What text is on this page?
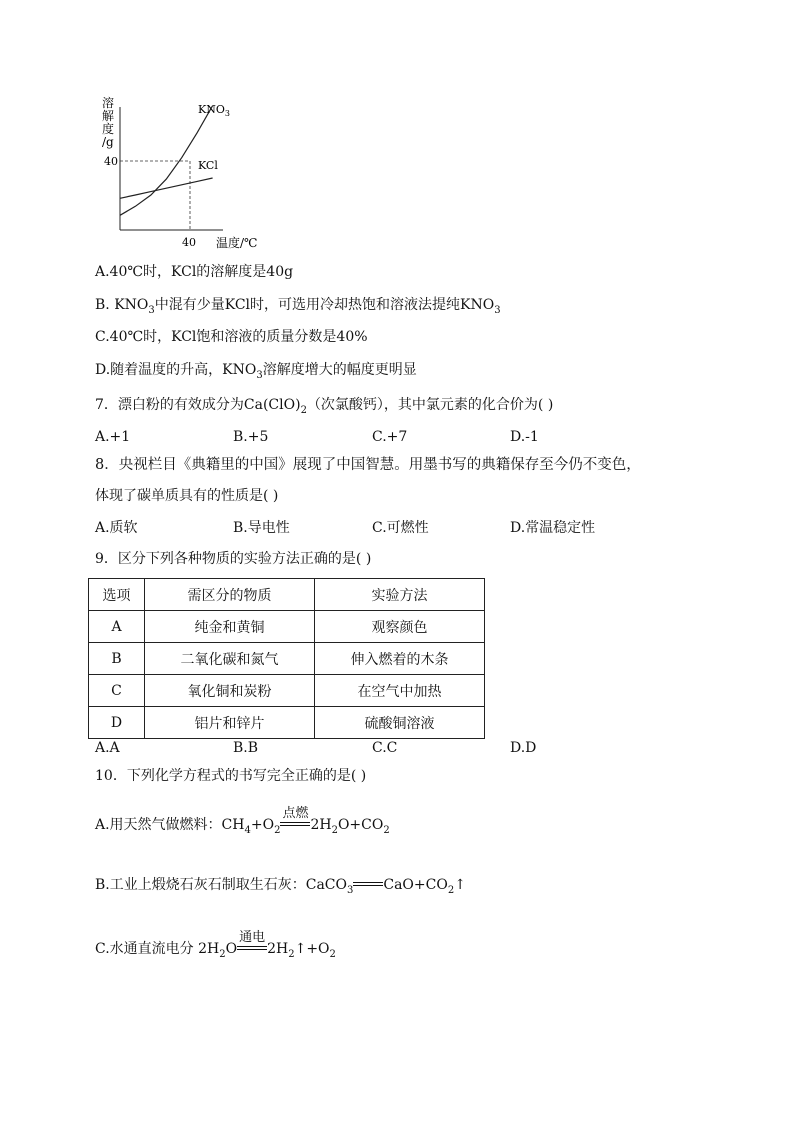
溶
解
度
/g
40
40 温度/℃
$KNO_3$
KCl
A.40℃时，KCl的溶解度是40g
B. $KNO_3$中混有少量KCl时，可选用冷却热饱和溶液法提纯$KNO_3$
C.40℃时，KCl饱和溶液的质量分数是40%
D.随着温度的升高，$KNO_3$溶解度增大的幅度更明显
7．漂白粉的有效成分为$Ca(ClO)_2$（次氯酸钙），其中氯元素的化合价为( )
A.+1	B.+5	C.+7	D.-1
8．央视栏目《典籍里的中国》展现了中国智慧。用墨书写的典籍保存至今仍不变色，
体现了碳单质具有的性质是( )
A.质软	B.导电性	C.可燃性	D.常温稳定性
9．区分下列各种物质的实验方法正确的是( )
选项	需区分的物质	实验方法
A	纯金和黄铜	观察颜色
B	二氧化碳和氮气	伸入燃着的木条
C	氧化铜和炭粉	在空气中加热
D	铝片和锌片	硫酸铜溶液
A.A	B.B	C.C	D.D
10．下列化学方程式的书写完全正确的是( )
A.用天然气做燃料：$CH_4+O_2$
点燃
$2H_2O+CO_2$
B.工业上煅烧石灰石制取生石灰：CaCO$_3$ $CaO+CO_2↑$
C.水通直流电分 $2H_2O$
通电
$2H_2↑+O_2$
